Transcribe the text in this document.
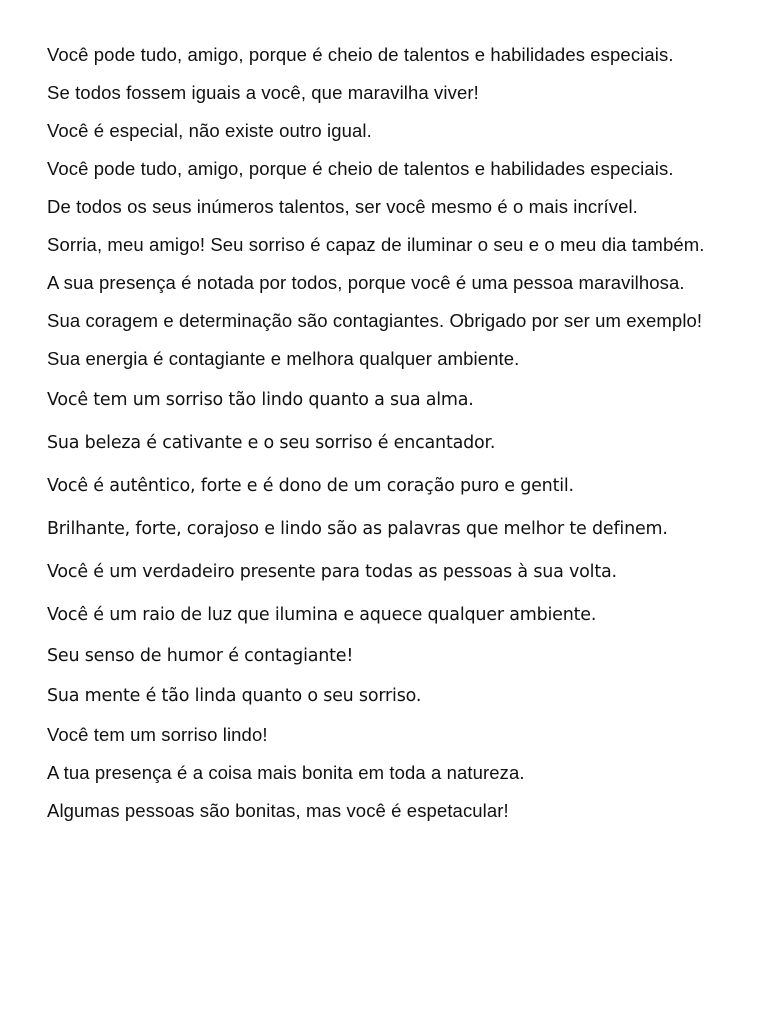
Você pode tudo, amigo, porque é cheio de talentos e habilidades especiais.

Se todos fossem iguais a você, que maravilha viver!

Você é especial, não existe outro igual.

Você pode tudo, amigo, porque é cheio de talentos e habilidades especiais.

De todos os seus inúmeros talentos, ser você mesmo é o mais incrível.

Sorria, meu amigo! Seu sorriso é capaz de iluminar o seu e o meu dia também.

A sua presença é notada por todos, porque você é uma pessoa maravilhosa.

Sua coragem e determinação são contagiantes. Obrigado por ser um exemplo!

Sua energia é contagiante e melhora qualquer ambiente.

Você tem um sorriso tão lindo quanto a sua alma.

Sua beleza é cativante e o seu sorriso é encantador.

Você é autêntico, forte e é dono de um coração puro e gentil.

Brilhante, forte, corajoso e lindo são as palavras que melhor te definem.

Você é um verdadeiro presente para todas as pessoas à sua volta.

Você é um raio de luz que ilumina e aquece qualquer ambiente.

Seu senso de humor é contagiante!

Sua mente é tão linda quanto o seu sorriso.

Você tem um sorriso lindo!

A tua presença é a coisa mais bonita em toda a natureza.

Algumas pessoas são bonitas, mas você é espetacular!
